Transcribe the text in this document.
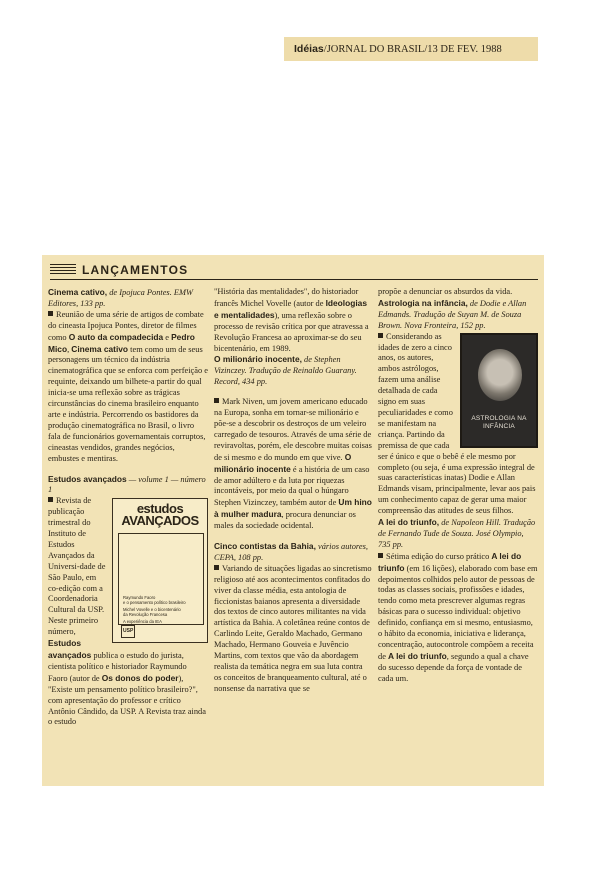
Idéias/JORNAL DO BRASIL/13 DE FEV. 1988
LANÇAMENTOS

Cinema cativo, de Ipojuca Pontes. EMW Editores, 133 pp.

Reunião de uma série de artigos de combate do cineasta Ipojuca Pontes, diretor de filmes como O auto da compadecida e Pedro Mico, Cinema cativo tem como um de seus personagens um técnico da indústria cinematográfica que se enforca com perfeição e requinte, deixando um bilhete-a partir do qual inicia-se uma reflexão sobre as trágicas circunstâncias do cinema brasileiro enquanto arte e indústria. Percorrendo os bastidores da produção cinematográfica no Brasil, o livro fala de funcionários governamentais corruptos, cineastas vendidos, grandes negócios, embustes e mentiras.

Estudos avançados — volume 1 — número 1

estudos AVANÇADOS
Raymundo Faoro
e o pensamento político brasileiro
Michel Vovelle e o bicentenário
da Revolução Francesa
A experiência da IEA
USP

Revista de publicação trimestral do Instituto de Estudos Avançados da Universi-dade de São Paulo, em co-edição com a Coordenadoria Cultural da USP. Neste primeiro número, Estudos avançados publica o estudo do jurista, cientista político e historiador Raymundo Faoro (autor de Os donos do poder), "Existe um pensamento político brasileiro?", com apresentação do professor e crítico Antônio Cândido, da USP. A Revista traz ainda o estudo

"História das mentalidades", do historiador francês Michel Vovelle (autor de Ideologias e mentalidades), uma reflexão sobre o processo de revisão crítica por que atravessa a Revolução Francesa ao aproximar-se do seu bicentenário, em 1989.

O milionário inocente, de Stephen Vizinczey. Tradução de Reinaldo Guarany. Record, 434 pp.

Mark Niven, um jovem americano educado na Europa, sonha em tornar-se milionário e põe-se a descobrir os destroços de um veleiro carregado de tesouros. Através de uma série de reviravoltas, porém, ele descobre muitas coisas de si mesmo e do mundo em que vive. O milionário inocente é a história de um caso de amor adúltero e da luta por riquezas incontáveis, por meio da qual o húngaro Stephen Vizinczey, também autor de Um hino à mulher madura, procura denunciar os males da sociedade ocidental.

Cinco contistas da Bahia, vários autores, CEPA, 108 pp.

Variando de situações ligadas ao sincretismo religioso até aos acontecimentos confitados do viver da classe média, esta antologia de ficcionistas baianos apresenta a diversidade dos textos de cinco autores militantes na vida artística da Bahia. A coletânea reúne contos de Carlindo Leite, Geraldo Machado, Germano Machado, Hermano Gouveia e Juvêncio Martins, com textos que vão da abordagem realista da temática negra em sua luta contra os conceitos de branqueamento cultural, até o nonsense da narrativa que se

propõe a denunciar os absurdos da vida.

Astrologia na infância, de Dodie e Allan Edmands. Tradução de Suyan M. de Souza Brown. Nova Fronteira, 152 pp.

ASTROLOGIA NA INFÂNCIA

Considerando as idades de zero a cinco anos, os autores, ambos astrólogos, fazem uma análise detalhada de cada signo em suas peculiaridades e como se manifestam na criança. Partindo da premissa de que cada ser é único e que o bebê é ele mesmo por completo (ou seja, é uma expressão integral de suas características inatas) Dodie e Allan Edmands visam, principalmente, levar aos pais um conhecimento capaz de gerar uma maior compreensão das atitudes de seus filhos.

A lei do triunfo, de Napoleon Hill. Tradução de Fernando Tude de Souza. José Olympio, 735 pp.

Sétima edição do curso prático A lei do triunfo (em 16 lições), elaborado com base em depoimentos colhidos pelo autor de pessoas de todas as classes sociais, profissões e idades, tendo como meta prescrever algumas regras básicas para o sucesso individual: objetivo definido, confiança em si mesmo, entusiasmo, o hábito da economia, iniciativa e liderança, concentração, autocontrole compõem a receita de A lei do triunfo, segundo a qual a chave do sucesso depende da força de vontade de cada um.
